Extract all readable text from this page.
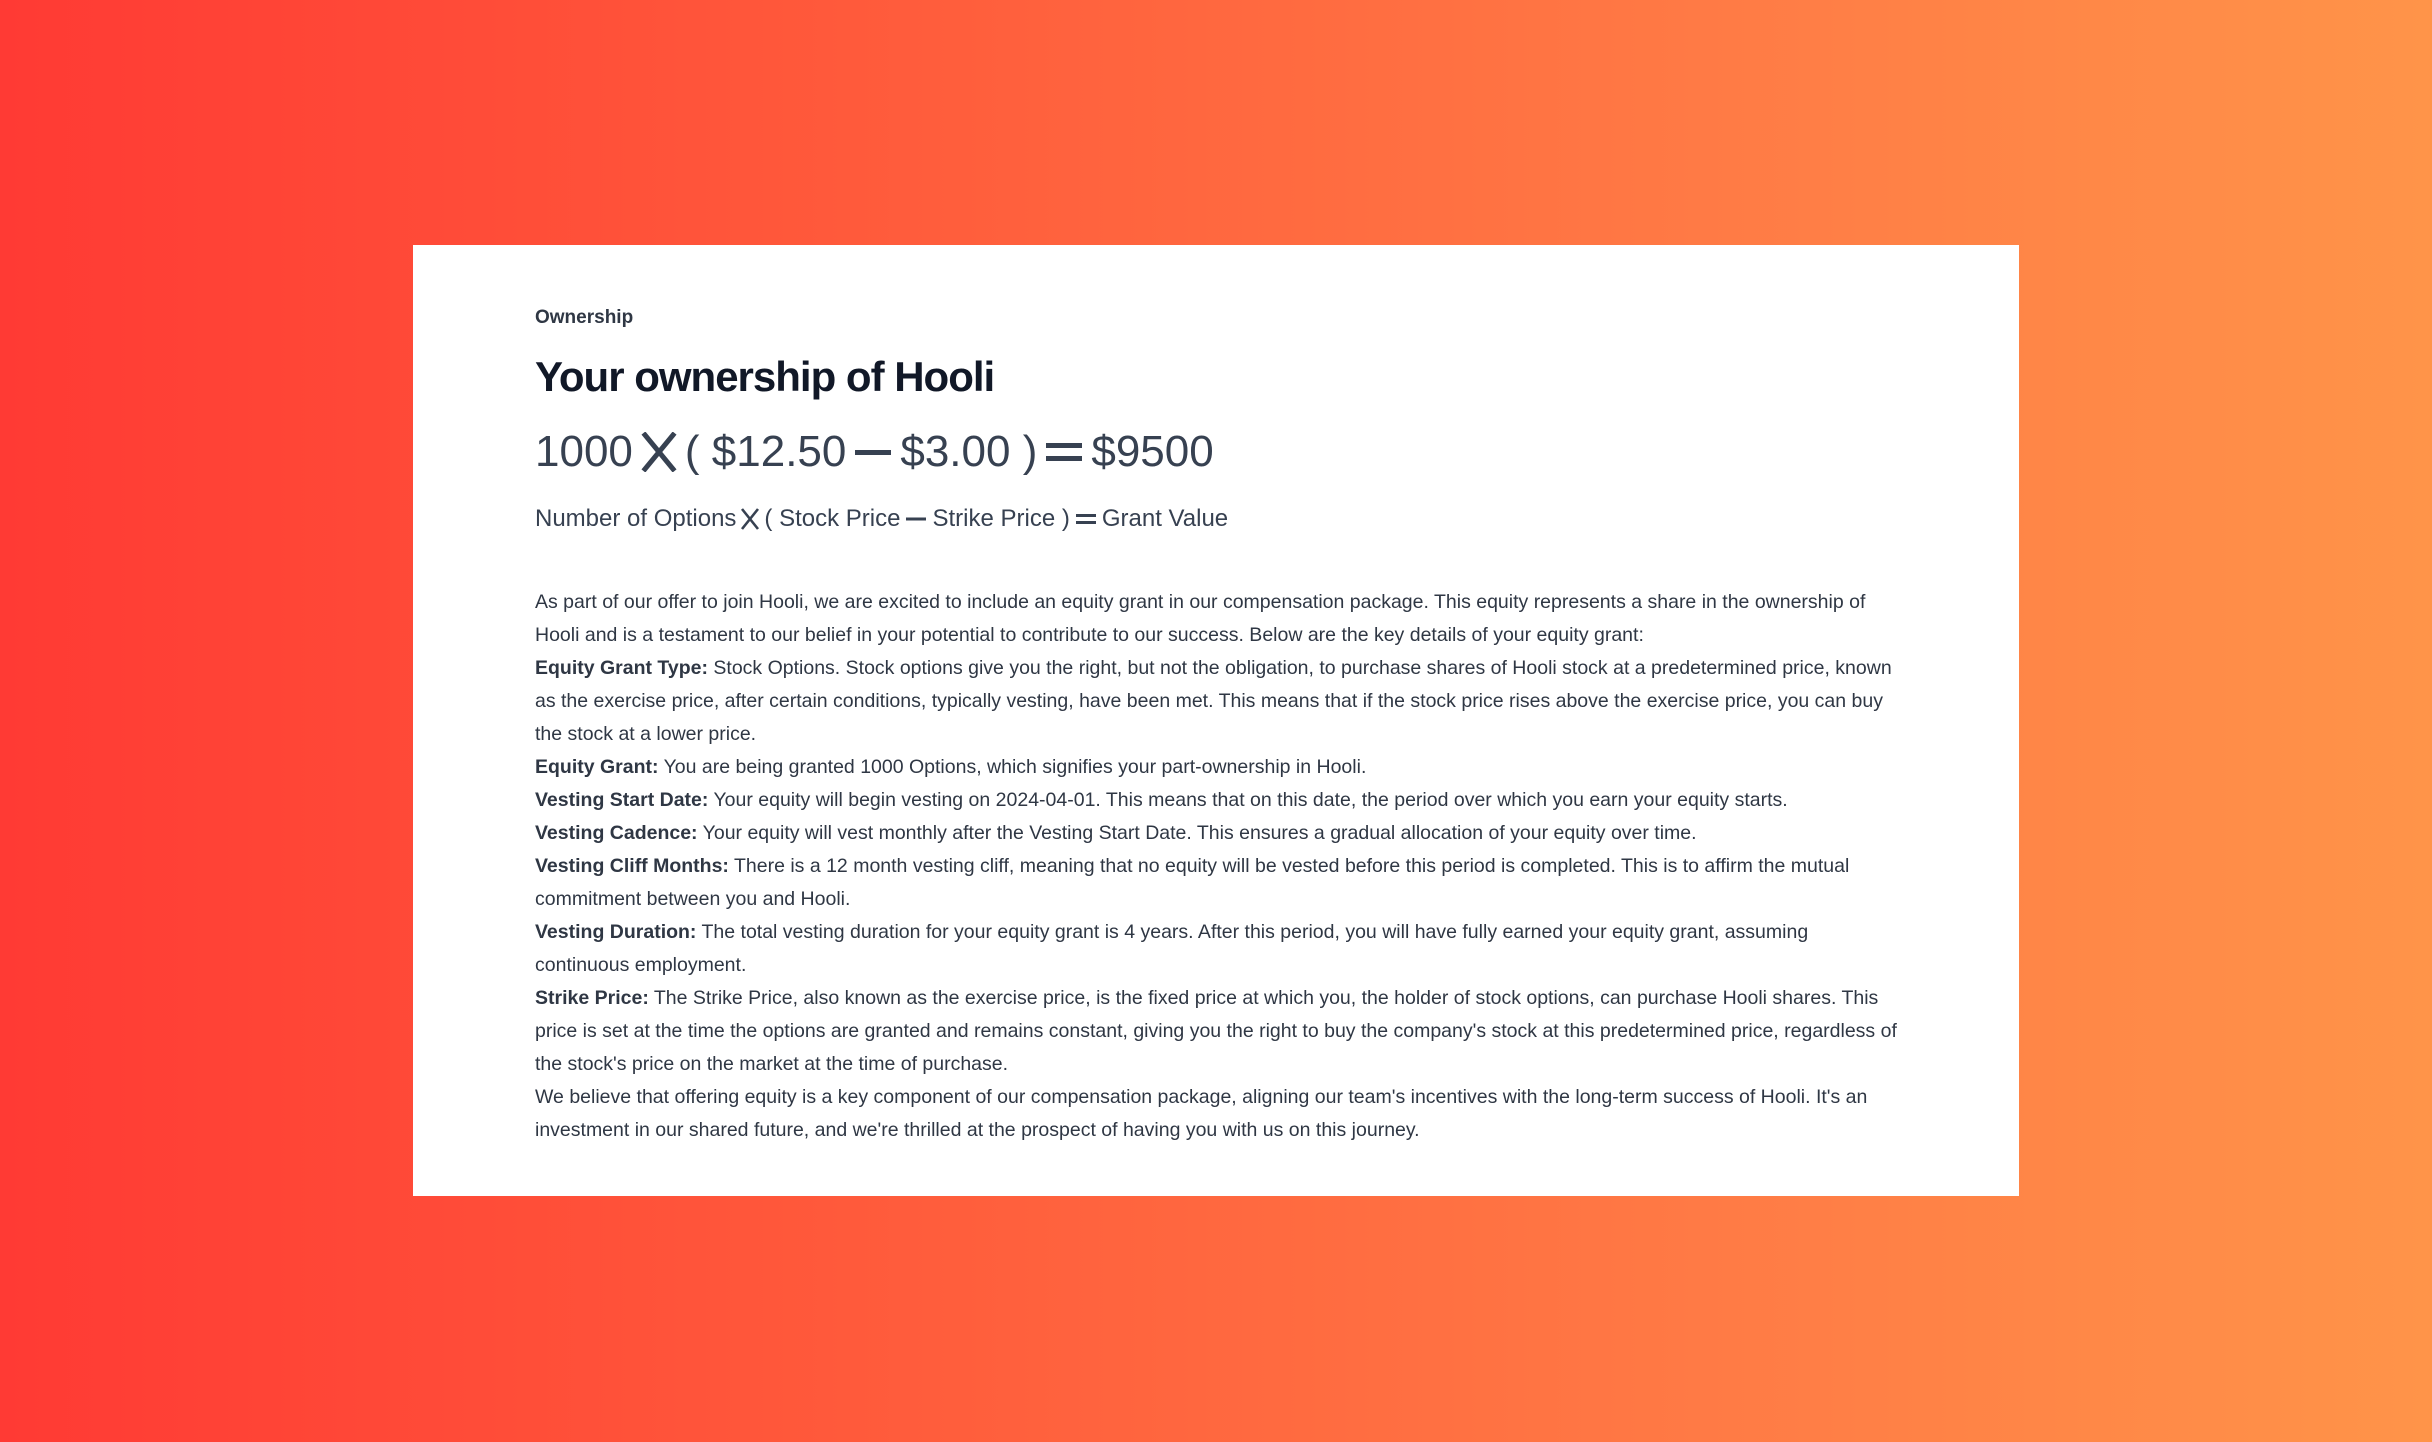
Ownership

Your ownership of Hooli
1000 (
$12.50 $3.00
) $9500
Number of Options (
Stock Price Strike Price
) Grant Value

As part of our offer to join Hooli, we are excited to include an equity grant in our compensation package. This equity represents a share in the ownership of Hooli and is a testament to our belief in your potential to contribute to our success. Below are the key details of your equity grant:

Equity Grant Type: Stock Options. Stock options give you the right, but not the obligation, to purchase shares of Hooli stock at a predetermined price, known as the exercise price, after certain conditions, typically vesting, have been met. This means that if the stock price rises above the exercise price, you can buy the stock at a lower price.

Equity Grant: You are being granted 1000 Options, which signifies your part-ownership in Hooli.

Vesting Start Date: Your equity will begin vesting on 2024-04-01. This means that on this date, the period over which you earn your equity starts.

Vesting Cadence: Your equity will vest monthly after the Vesting Start Date. This ensures a gradual allocation of your equity over time.

Vesting Cliff Months: There is a 12 month vesting cliff, meaning that no equity will be vested before this period is completed. This is to affirm the mutual commitment between you and Hooli.

Vesting Duration: The total vesting duration for your equity grant is 4 years. After this period, you will have fully earned your equity grant, assuming continuous employment.

Strike Price: The Strike Price, also known as the exercise price, is the fixed price at which you, the holder of stock options, can purchase Hooli shares. This price is set at the time the options are granted and remains constant, giving you the right to buy the company's stock at this predetermined price, regardless of the stock's price on the market at the time of purchase.

We believe that offering equity is a key component of our compensation package, aligning our team's incentives with the long-term success of Hooli. It's an investment in our shared future, and we're thrilled at the prospect of having you with us on this journey.
